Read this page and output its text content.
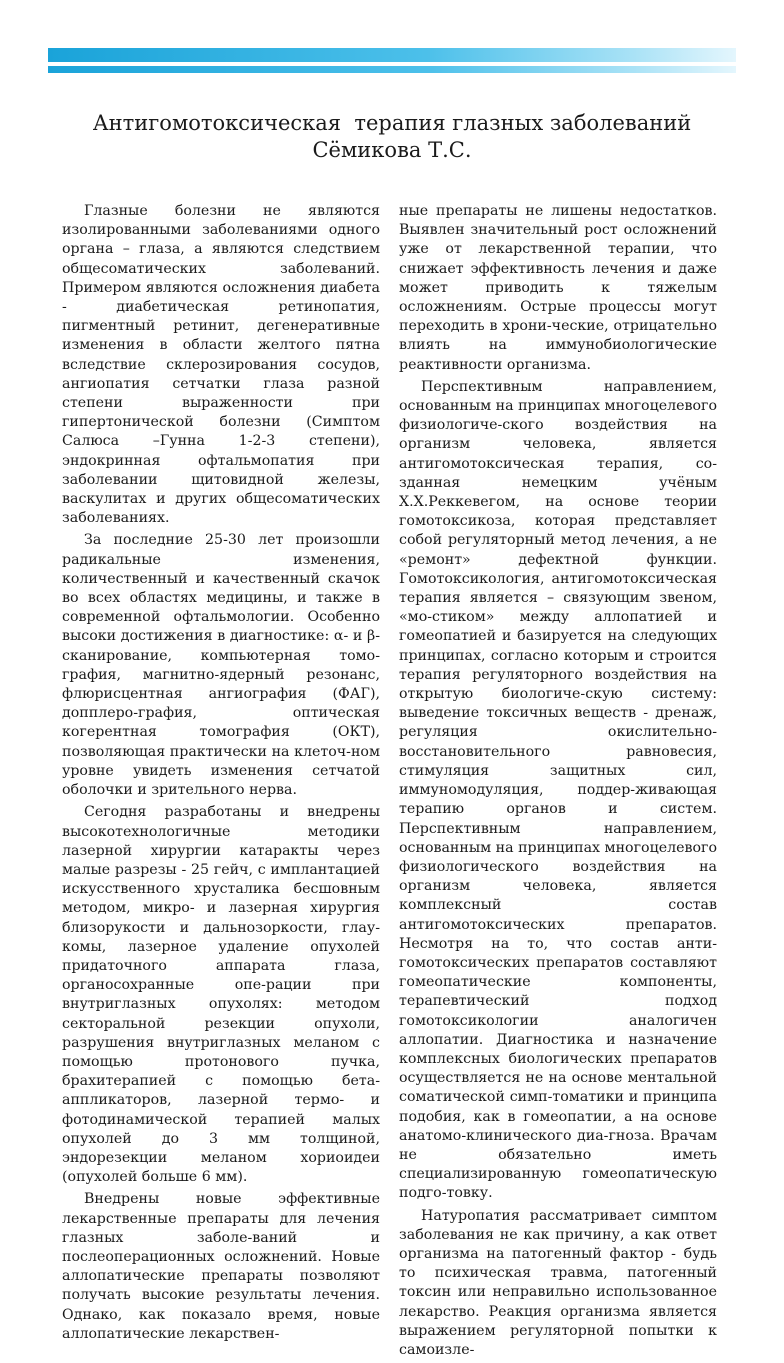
Антигомотоксическая  терапия глазных заболеваний
Сёмикова Т.С.

Глазные болезни не являются изолированными заболеваниями одного органа – глаза, а являются следствием общесоматических заболеваний. Примером являются осложнения диабета - диабетическая ретинопатия, пигментный ретинит, дегенеративные изменения в области желтого пятна вследствие склерозирования сосудов, ангиопатия сетчатки глаза разной степени выраженности при гипертонической болезни (Симптом Салюса –Гунна 1-2-3 степени), эндокринная офтальмопатия при заболевании щитовидной железы, васкулитах и других общесоматических заболеваниях.

За последние 25-30 лет произошли радикальные изменения, количественный и качественный скачок во всех областях медицины, и также в современной офтальмологии. Особенно высоки достижения в диагностике: α- и β-сканирование, компьютерная томо-графия, магнитно-ядерный резонанс, флюрисцентная ангиография (ФАГ), допплеро-графия, оптическая когерентная томография (ОКТ), позволяющая практически на клеточ-ном уровне увидеть изменения сетчатой оболочки и зрительного нерва.

Сегодня разработаны и внедрены высокотехнологичные методики лазерной хирургии катаракты через малые разрезы - 25 гейч, с имплантацией искусственного хрусталика бесшовным методом, микро- и лазерная хирургия близорукости и дальнозоркости, глау-комы, лазерное удаление опухолей придаточного аппарата глаза, органосохранные опе-рации при внутриглазных опухолях: методом секторальной резекции опухоли, разрушения внутриглазных меланом с помощью протонового пучка, брахитерапией с помощью бета-аппликаторов, лазерной термо- и фотодинамической терапией малых опухолей до 3 мм толщиной, эндорезекции меланом хориоидеи (опухолей больше 6 мм).

Внедрены новые эффективные лекарственные препараты для лечения глазных заболе-ваний и послеоперационных осложнений. Новые аллопатические препараты позволяют получать высокие результаты лечения. Однако, как показало время, новые аллопатические лекарствен-

ные препараты не лишены недостатков. Выявлен значительный рост осложнений уже от лекарственной терапии, что снижает эффективность лечения и даже может приводить к тяжелым осложнениям. Острые процессы могут переходить в хрони-ческие, отрицательно влиять на иммунобиологические реактивности организма.

Перспективным направлением, основанным на принципах многоцелевого физиологиче-ского воздействия на организм человека, является антигомотоксическая терапия, со-зданная немецким учёным Х.Х.Реккевегом, на основе теории гомотоксикоза, которая представляет собой регуляторный метод лечения, а не «ремонт» дефектной функции. Гомотоксикология, антигомотоксическая терапия является – связующим звеном, «мо-стиком» между аллопатией и гомеопатией и базируется на следующих принципах, согласно которым и строится терапия регуляторного воздействия на открытую биологиче-скую систему: выведение токсичных веществ - дренаж, регуляция окислительно-восстановительного равновесия, стимуляция защитных сил, иммуномодуляция, поддер-живающая терапию органов и систем. Перспективным направлением, основанным на принципах многоцелевого физиологического воздействия на организм человека, является комплексный состав антигомотоксических препаратов. Несмотря на то, что состав анти-гомотоксических препаратов составляют гомеопатические компоненты, терапевтический подход гомотоксикологии аналогичен аллопатии. Диагностика и назначение комплексных биологических препаратов осуществляется не на основе ментальной соматической симп-томатики и принципа подобия, как в гомеопатии, а на основе анатомо-клинического диа-гноза. Врачам не обязательно иметь специализированную гомеопатическую подго-товку.

Натуропатия рассматривает симптом заболевания не как причину, а как ответ организма на патогенный фактор - будь то психическая травма, патогенный токсин или неправильно использованное лекарство. Реакция организма является выражением регуляторной попытки к самоизле-
